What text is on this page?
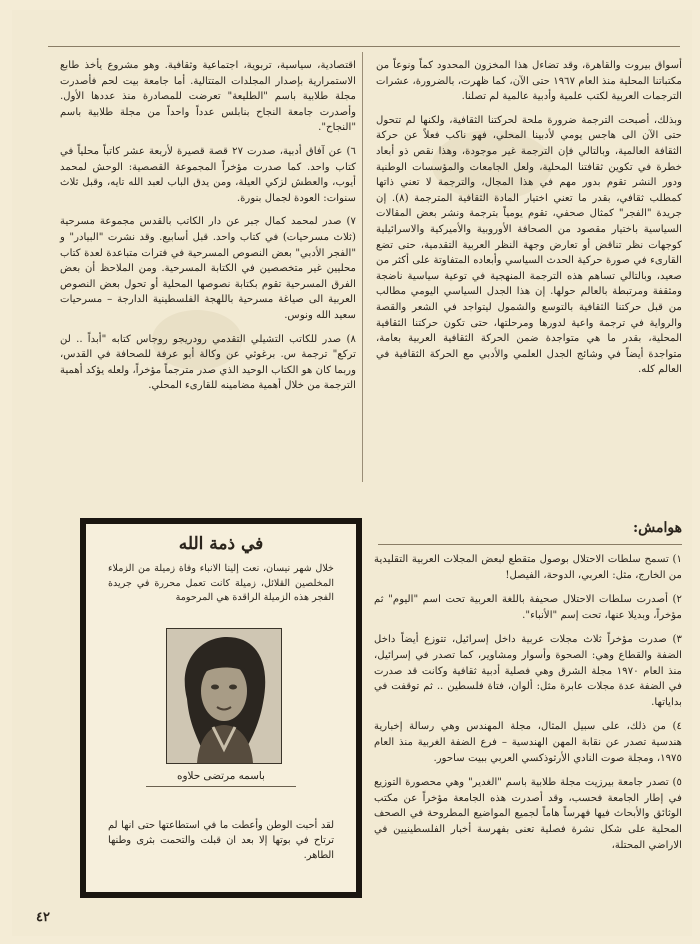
أسواق بيروت والقاهرة، وقد تضاءل هذا المخزون المحدود كماً ونوعاً من مكتباتنا المحلية منذ العام ١٩٦٧ حتى الآن، كما ظهرت، بالضرورة، عشرات الترجمات العربية لكتب علمية وأدبية عالمية لم تصلنا.

وبذلك، أصبحت الترجمة ضرورة ملحة لحركتنا الثقافية، ولكنها لم تتحول حتى الآن الى هاجس يومي لأدبينا المحلي، فهو ناكب فعلاً عن حركة الثقافة العالمية، وبالتالي فإن الترجمة غير موجودة، وهذا نقص ذو أبعاد خطرة في تكوين ثقافتنا المحلية، ولعل الجامعات والمؤسسات الوطنية ودور النشر تقوم بدور مهم في هذا المجال، والترجمة لا تعني ذاتها كمطلب ثقافي، بقدر ما تعني اختيار المادة الثقافية المترجمة (٨). إن جريدة "الفجر" كمثال صحفي، تقوم يومياً بترجمة ونشر بعض المقالات السياسية باختيار مقصود من الصحافة الأوروبية والأميركية والاسرائيلية كوجهات نظر تناقض أو تعارض وجهة النظر العربية التقدمية، حتى تضع القارىء في صورة حركية الحدث السياسي وأبعاده المتفاوتة على أكثر من صعيد، وبالتالي تساهم هذه الترجمة المنهجية في توعية سياسية ناضجة ومثقفة ومرتبطة بالعالم حولها. إن هذا الجدل السياسي اليومي مطالب من قبل حركتنا الثقافية بالتوسع والشمول ليتواجد في الشعر والقصة والرواية في ترجمة واعية لدورها ومرحلتها، حتى تكون حركتنا الثقافية المحلية، بقدر ما هي متواجدة ضمن الحركة الثقافية العربية بعامة، متواجدة أيضاً في وشائج الجدل العلمي والأدبي مع الحركة الثقافية في العالم كله.

اقتصادية، سياسية، تربوية، اجتماعية وثقافية. وهو مشروع يأخذ طابع الاستمرارية بإصدار المجلدات المتتالية. أما جامعة بيت لحم فأصدرت مجلة طلابية باسم "الطليعة" تعرضت للمصادرة منذ عددها الأول. وأصدرت جامعة النجاح بنابلس عدداً واحداً من مجلة طلابية باسم "النجاح".

٦) عن آفاق أدبية، صدرت ٢٧ قصة قصيرة لأربعة عشر كاتباً محلياً في كتاب واحد. كما صدرت مؤخراً المجموعة القصصية: الوحش لمحمد أيوب، والعطش لزكي العيلة، ومن يدق الباب لعبد الله تايه، وقبل ثلاث سنوات: العودة لجمال بنورة.

٧) صدر لمحمد كمال جبر عن دار الكاتب بالقدس مجموعة مسرحية (ثلاث مسرحيات) في كتاب واحد. قبل أسابيع. وقد نشرت "البيادر" و "الفجر الأدبي" بعض النصوص المسرحية في فترات متباعدة لعدة كتاب محليين غير متخصصين في الكتابة المسرحية. ومن الملاحظ أن بعض الفرق المسرحية تقوم بكتابة نصوصها المحلية أو تحول بعض النصوص العربية الى صياغة مسرحية باللهجة الفلسطينية الدارجة – مسرحيات سعيد الله ونوس.

٨) صدر للكاتب التشيلي التقدمي رودريجو روجاس كتابه "أبداً .. لن تركع" ترجمة س. برغوثي عن وكالة أبو عرفة للصحافة في القدس، وربما كان هو الكتاب الوحيد الذي صدر مترجماً مؤخراً، ولعله يؤكد أهمية الترجمة من خلال أهمية مضامينه للقارىء المحلي.

هوامش:

١) تسمح سلطات الاحتلال بوصول متقطع لبعض المجلات العربية التقليدية من الخارج، مثل: العربي، الدوحة، الفيصل!

٢) أصدرت سلطات الاحتلال صحيفة باللغة العربية تحت اسم "اليوم" ثم مؤخراً، وبديلا عنها، تحت إسم "الأنباء".

٣) صدرت مؤخراً ثلاث مجلات عربية داخل إسرائيل، تتوزع أيضاً داخل الضفة والقطاع وهي: الصحوة وأسوار ومشاوير، كما تصدر في إسرائيل، منذ العام ١٩٧٠ مجلة الشرق وهي فصلية أدبية ثقافية وكانت قد صدرت في الضفة عدة مجلات عابرة مثل: ألوان، فتاة فلسطين .. ثم توقفت في بداياتها.

٤) من ذلك، على سبيل المثال، مجلة المهندس وهي رسالة إخبارية هندسية تصدر عن نقابة المهن الهندسية – فرع الضفة الغربية منذ العام ١٩٧٥، ومجلة صوت النادي الأرثوذكسي العربي ببيت ساحور.

٥) تصدر جامعة بيرزيت مجلة طلابية باسم "الغدير" وهي محصورة التوزيع في إطار الجامعة فحسب، وقد أصدرت هذه الجامعة مؤخراً عن مكتب الوثائق والأبحاث فيها فهرساً هاماً لجميع المواضيع المطروحة في الصحف المحلية على شكل نشرة فصلية تعنى بفهرسة أخبار الفلسطينيين في الاراضي المحتلة،

في ذمة الله
خلال شهر نيسان، نعت إلينا الانباء وفاة زميلة من الزملاء المخلصين القلائل، زميلة كانت تعمل محررة في جريدة الفجر هذه الزميلة الراقدة هي المرحومة
باسمه مرتضى حلاوه
لقد أحبت الوطن وأعطت ما في استطاعتها حتى انها لم ترتاح في بوتها إلا بعد ان قبلت والتحمت بثرى وطنها الطاهر.
٤٢
